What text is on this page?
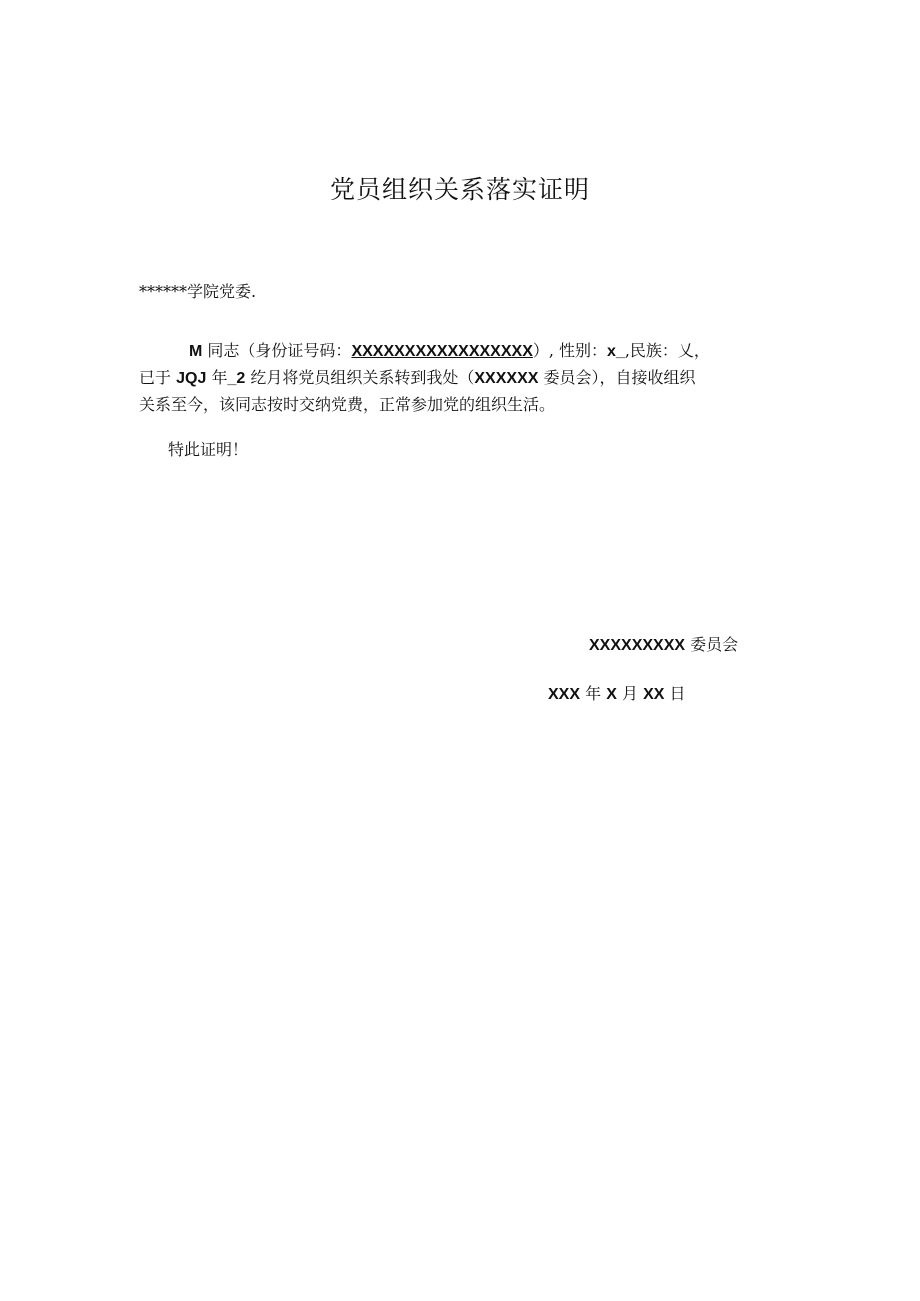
党员组织关系落实证明
******学院党委.
M 同志（身份证号码：XXXXXXXXXXXXXXXXX）, 性别：x_,民族：乂，
已于 JQJ 年_2 纥月将党员组织关系转到我处（XXXXXX 委员会），自接收组织
关系至今，该同志按时交纳党费，正常参加党的组织生活。
特此证明！
XXXXXXXXX 委员会
XXX 年 X 月 XX 日
